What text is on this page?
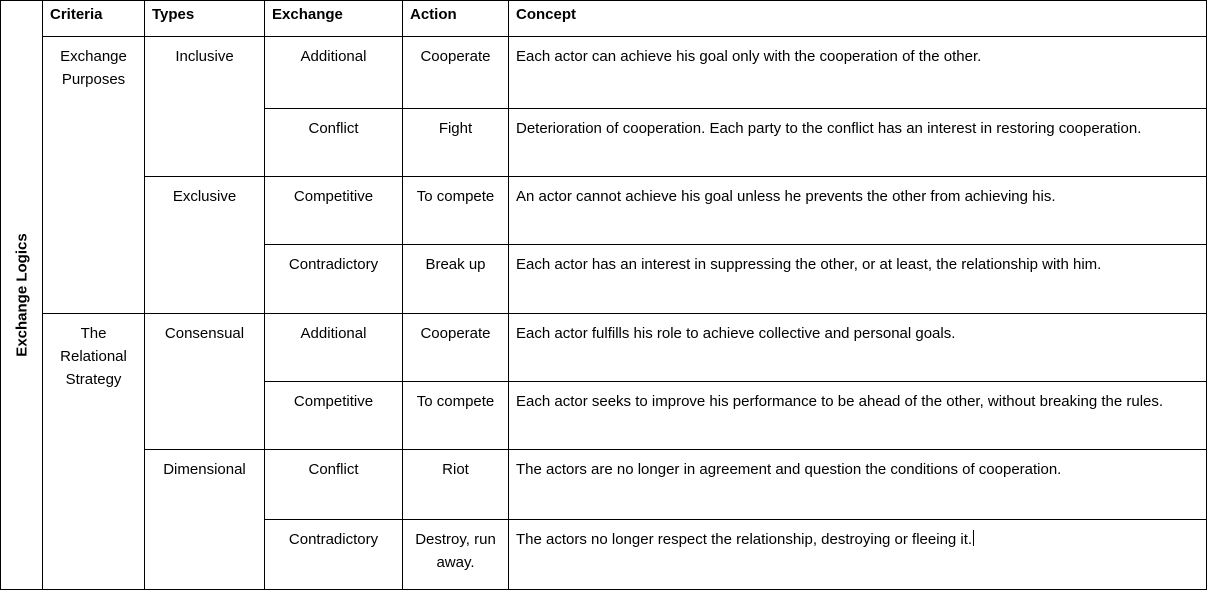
Exchange Logics	Criteria	Types	Exchange	Action	Concept
	Exchange Purposes	Inclusive	Additional	Cooperate	Each actor can achieve his goal only with the cooperation of the other.
			Conflict	Fight	Deterioration of cooperation. Each party to the conflict has an interest in restoring cooperation.
		Exclusive	Competitive	To compete	An actor cannot achieve his goal unless he prevents the other from achieving his.
			Contradictory	Break up	Each actor has an interest in suppressing the other, or at least, the relationship with him.
	The Relational Strategy	Consensual	Additional	Cooperate	Each actor fulfills his role to achieve collective and personal goals.
			Competitive	To compete	Each actor seeks to improve his performance to be ahead of the other, without breaking the rules.
		Dimensional	Conflict	Riot	The actors are no longer in agreement and question the conditions of cooperation.
			Contradictory	Destroy, run away.	The actors no longer respect the relationship, destroying or fleeing it.
